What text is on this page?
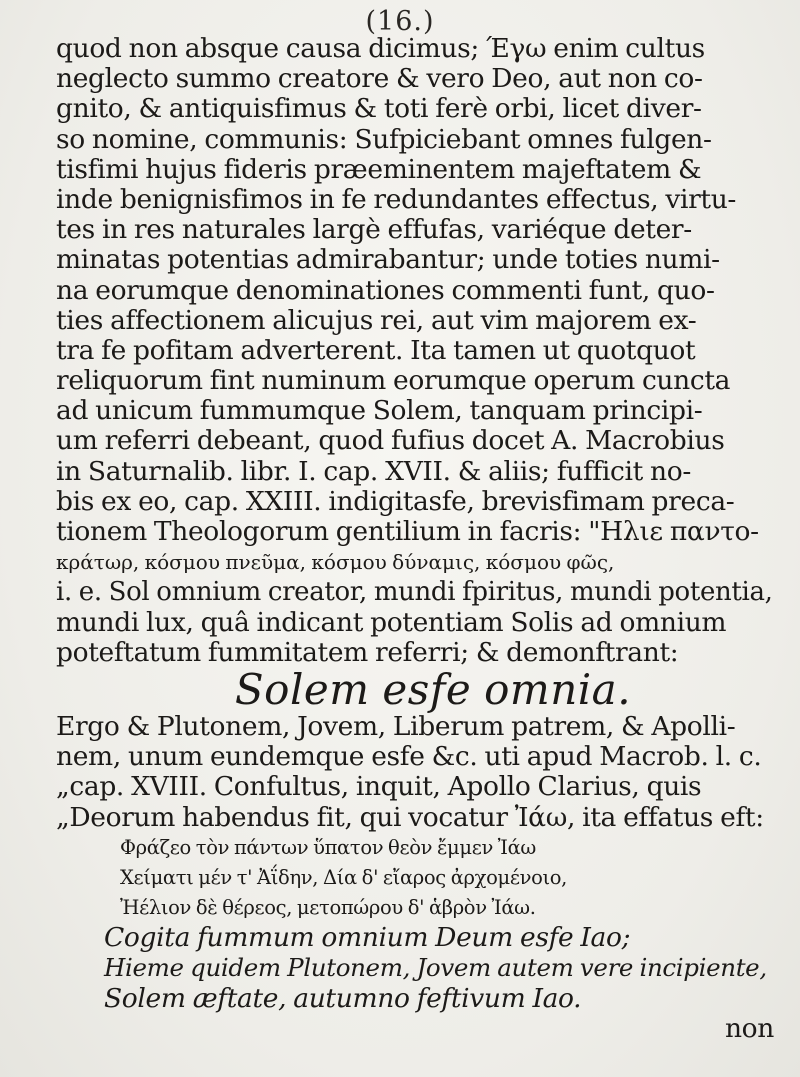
(16.)
quod non absque causa dicimus; Έγω enim cultus
neglecto summo creatore & vero Deo, aut non co-
gnito, & antiquisfimus & toti ferè orbi, licet diver-
so nomine, communis: Sufpiciebant omnes fulgen-
tisfimi hujus fideris præeminentem majeftatem &
inde benignisfimos in fe redundantes effectus, virtu-
tes in res naturales largè effufas, variéque deter-
minatas potentias admirabantur; unde toties numi-
na eorumque denominationes commenti funt, quo-
ties affectionem alicujus rei, aut vim majorem ex-
tra fe pofitam adverterent. Ita tamen ut quotquot
reliquorum fint numinum eorumque operum cuncta
ad unicum fummumque Solem, tanquam principi-
um referri debeant, quod fufius docet A. Macrobius
in Saturnalib. libr. I. cap. XVII. & aliis; fufficit no-
bis ex eo, cap. XXIII. indigitasfe, brevisfimam preca-
tionem Theologorum gentilium in facris: "Ηλιε παντο-
κράτωρ, κόσμου πνεῦμα, κόσμου δύναμις, κόσμου φῶς,
i. e. Sol omnium creator, mundi fpiritus, mundi potentia,
mundi lux, quâ indicant potentiam Solis ad omnium
poteftatum fummitatem referri; & demonftrant:
Solem esfe omnia.
Ergo & Plutonem, Jovem, Liberum patrem, & Apolli-
nem, unum eundemque esfe &c. uti apud Macrob. l. c.
„cap. XVIII. Confultus, inquit, Apollo Clarius, quis
„Deorum habendus fit, qui vocatur Ἰάω, ita effatus eft:
Φράζεο τὸν πάντων ὕπατον θεὸν ἔμμεν Ἰάω
Χείματι μέν τ' Ἀΐδην, Δία δ' εἴαρος ἀρχομένοιο,
Ἠέλιον δὲ θέρεος, μετοπώρου δ' ἁβρὸν Ἰάω.
Cogita fummum omnium Deum esfe Iao;
Hieme quidem Plutonem, Jovem autem vere incipiente,
Solem æftate, autumno feftivum Iao.
non
